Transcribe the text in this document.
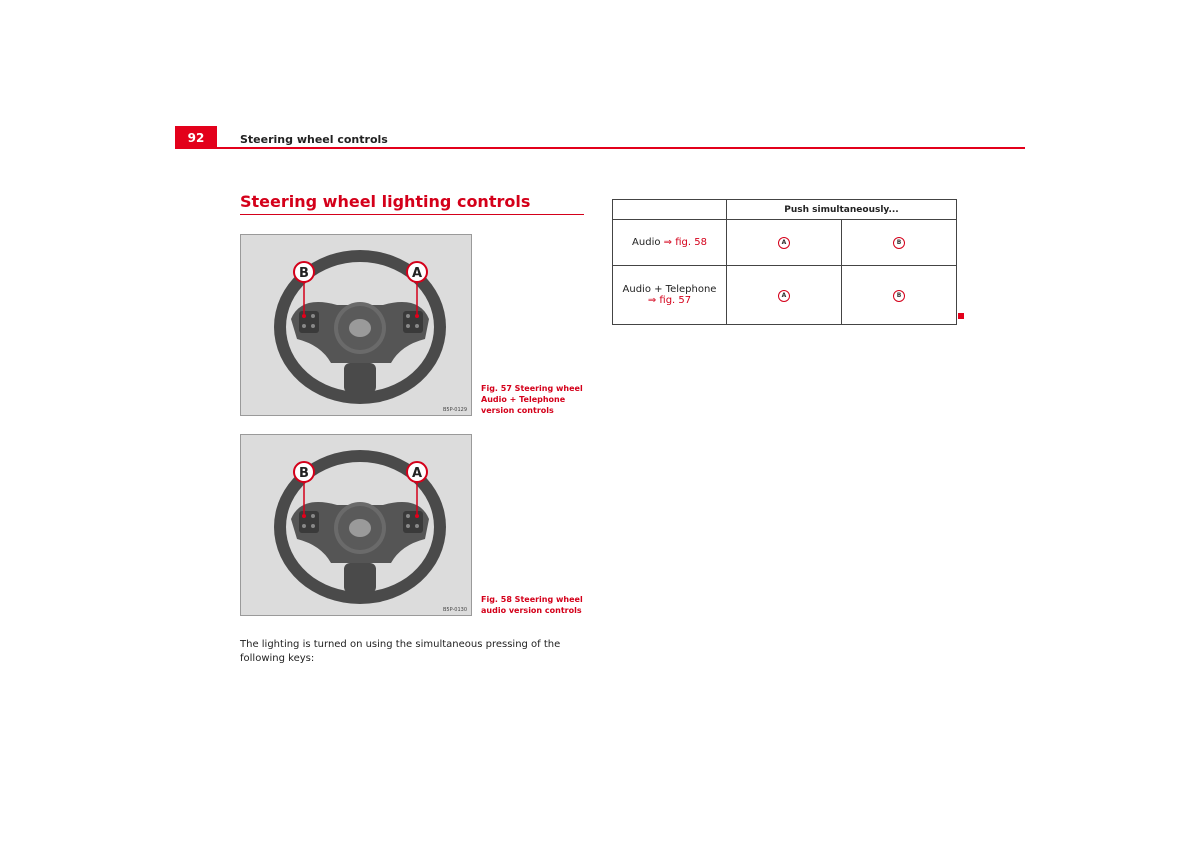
92	Steering wheel controls
Steering wheel lighting controls
B	A
B5P-0129
Fig. 57 Steering wheel
Audio + Telephone
version controls
B	A
B5P-0130
Fig. 58 Steering wheel
audio version controls
The lighting is turned on using the simultaneous pressing of the following keys:
	Push simultaneously...	
Audio ⇒ fig. 58	A	B

Audio + Telephone
⇒ fig. 57	A	B
